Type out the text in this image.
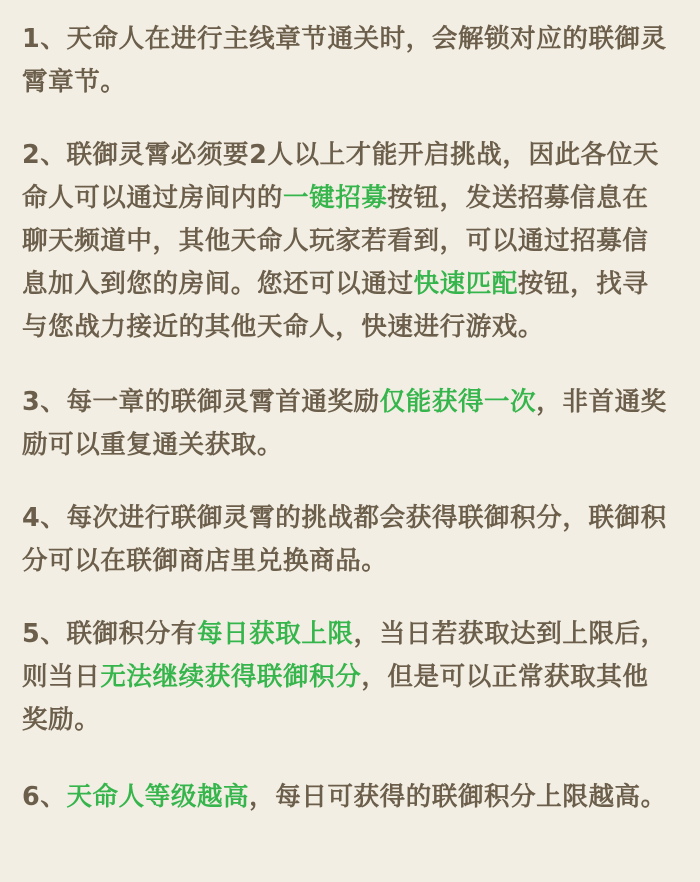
1、天命人在进行主线章节通关时，会解锁对应的联御灵霄章节。
2、联御灵霄必须要2人以上才能开启挑战，因此各位天命人可以通过房间内的一键招募按钮，发送招募信息在聊天频道中，其他天命人玩家若看到，可以通过招募信息加入到您的房间。您还可以通过快速匹配按钮，找寻与您战力接近的其他天命人，快速进行游戏。
3、每一章的联御灵霄首通奖励仅能获得一次，非首通奖励可以重复通关获取。
4、每次进行联御灵霄的挑战都会获得联御积分，联御积分可以在联御商店里兑换商品。
5、联御积分有每日获取上限，当日若获取达到上限后，则当日无法继续获得联御积分，但是可以正常获取其他奖励。
6、天命人等级越高，每日可获得的联御积分上限越高。
